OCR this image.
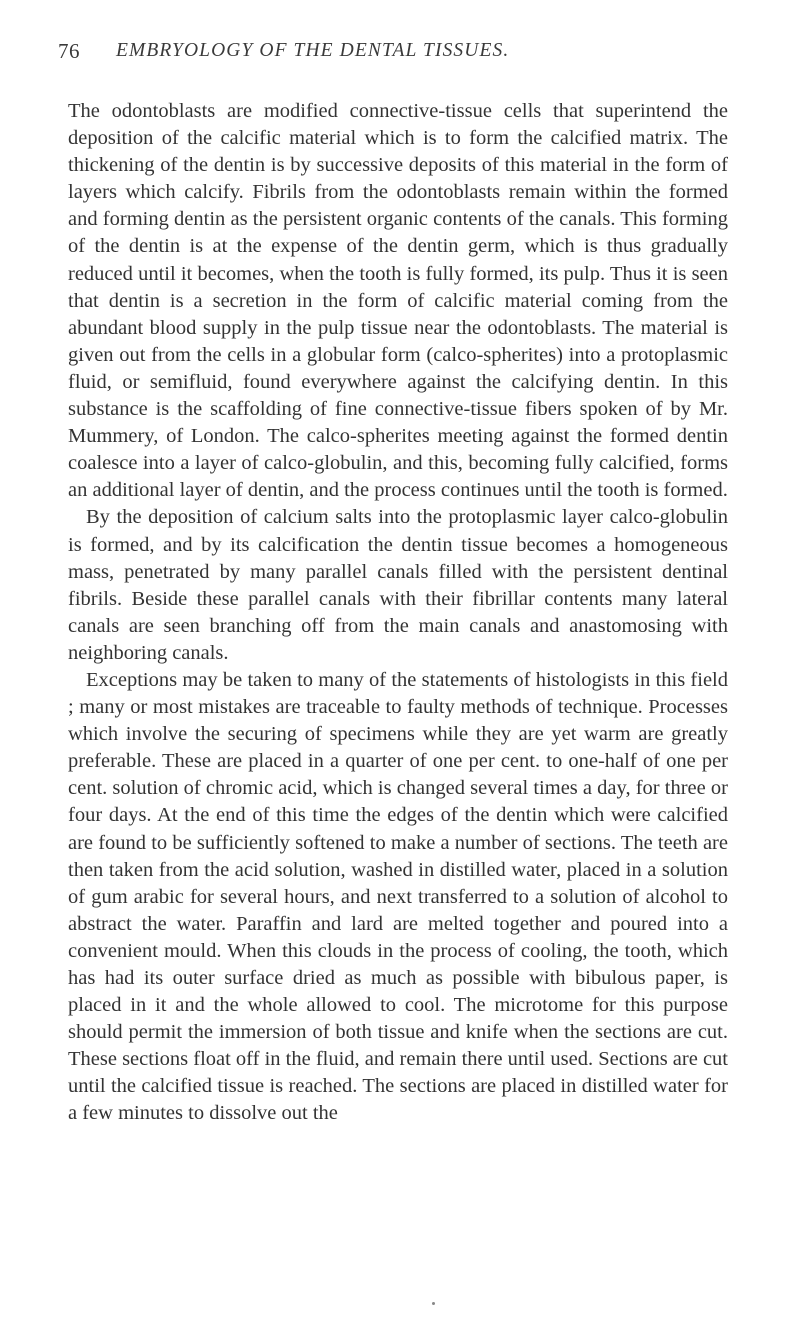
76 EMBRYOLOGY OF THE DENTAL TISSUES.

The odontoblasts are modified connective-tissue cells that superintend the deposition of the calcific material which is to form the calcified matrix. The thickening of the dentin is by successive deposits of this material in the form of layers which calcify. Fibrils from the odontoblasts remain within the formed and forming dentin as the persistent organic contents of the canals. This forming of the dentin is at the expense of the dentin germ, which is thus gradually reduced until it becomes, when the tooth is fully formed, its pulp. Thus it is seen that dentin is a secretion in the form of calcific material coming from the abundant blood supply in the pulp tissue near the odontoblasts. The material is given out from the cells in a globular form (calco-spherites) into a protoplasmic fluid, or semifluid, found everywhere against the calcifying dentin. In this substance is the scaffolding of fine connective-tissue fibers spoken of by Mr. Mummery, of London. The calco-spherites meeting against the formed dentin coalesce into a layer of calco-globulin, and this, becoming fully calcified, forms an additional layer of dentin, and the process continues until the tooth is formed.

By the deposition of calcium salts into the protoplasmic layer calco-globulin is formed, and by its calcification the dentin tissue becomes a homogeneous mass, penetrated by many parallel canals filled with the persistent dentinal fibrils. Beside these parallel canals with their fibrillar contents many lateral canals are seen branching off from the main canals and anastomosing with neighboring canals.

Exceptions may be taken to many of the statements of histologists in this field ; many or most mistakes are traceable to faulty methods of technique. Processes which involve the securing of specimens while they are yet warm are greatly preferable. These are placed in a quarter of one per cent. to one-half of one per cent. solution of chromic acid, which is changed several times a day, for three or four days. At the end of this time the edges of the dentin which were calcified are found to be sufficiently softened to make a number of sections. The teeth are then taken from the acid solution, washed in distilled water, placed in a solution of gum arabic for several hours, and next transferred to a solution of alcohol to abstract the water. Paraffin and lard are melted together and poured into a convenient mould. When this clouds in the process of cooling, the tooth, which has had its outer surface dried as much as possible with bibulous paper, is placed in it and the whole allowed to cool. The microtome for this purpose should permit the immersion of both tissue and knife when the sections are cut. These sections float off in the fluid, and remain there until used. Sections are cut until the calcified tissue is reached. The sections are placed in distilled water for a few minutes to dissolve out the
